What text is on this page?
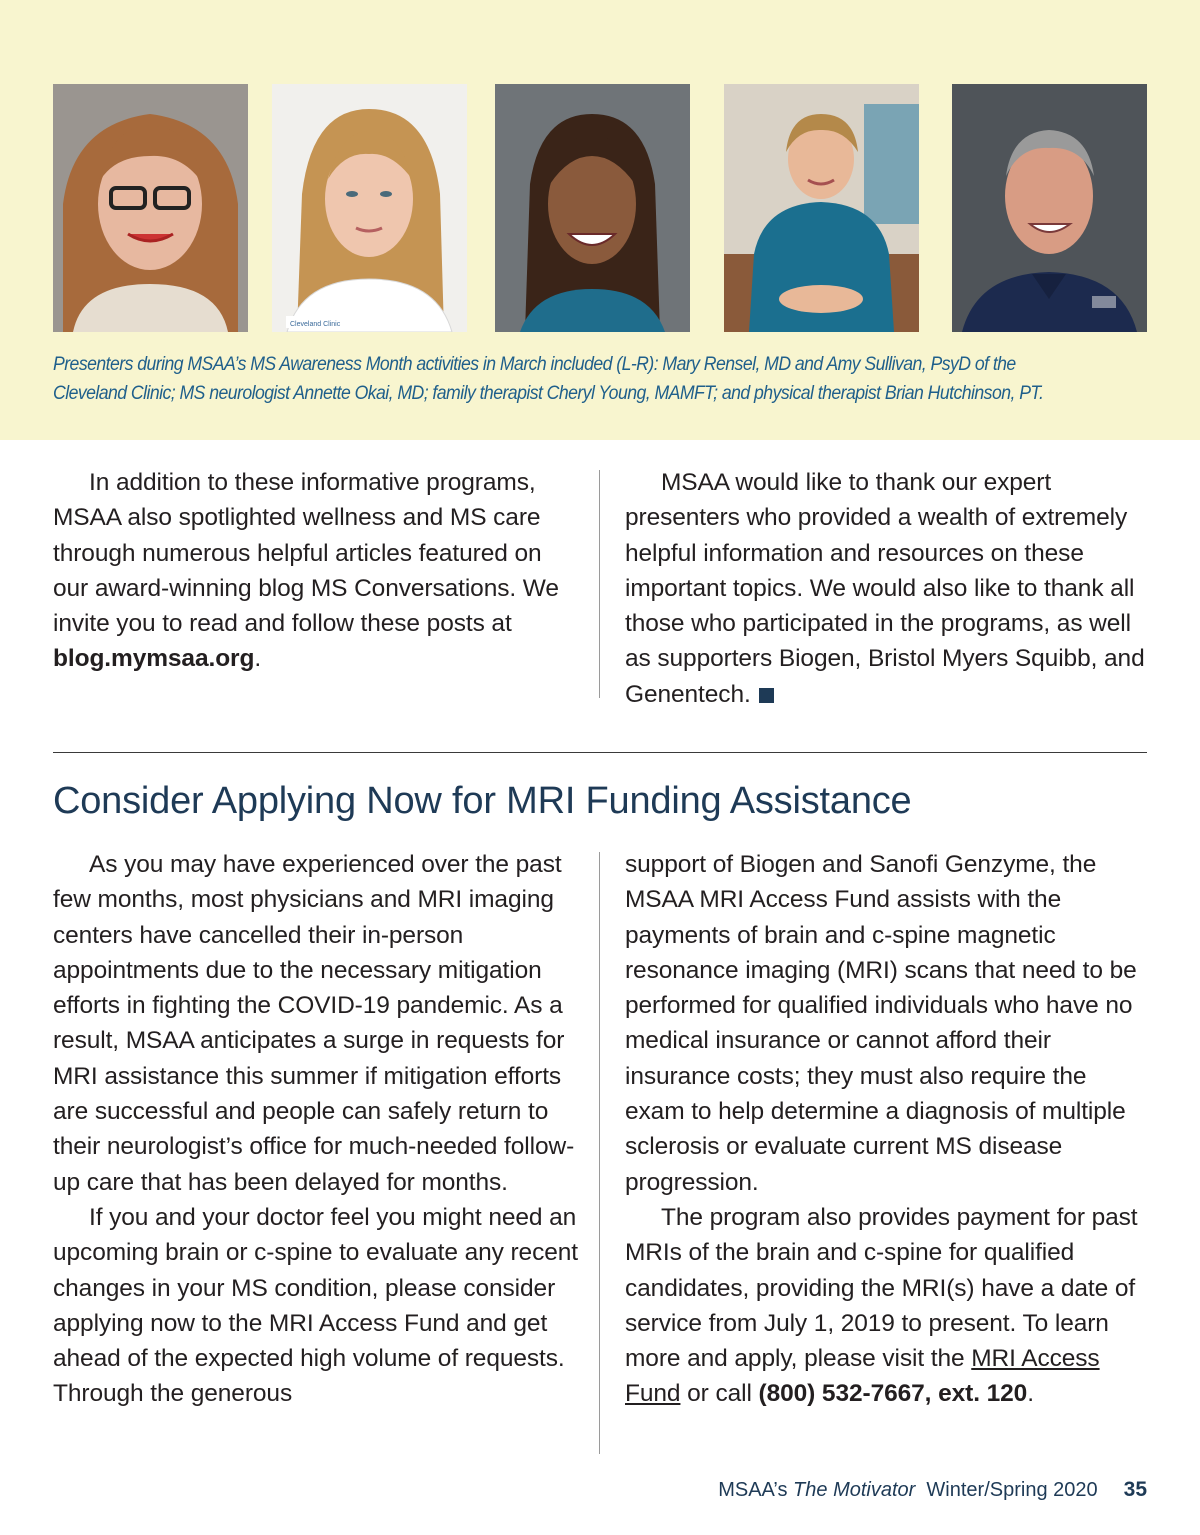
Cleveland Clinic
Presenters during MSAA’s MS Awareness Month activities in March included (L-R): Mary Rensel, MD and Amy Sullivan, PsyD of the Cleveland Clinic; MS neurologist Annette Okai, MD; family therapist Cheryl Young, MAMFT; and physical therapist Brian Hutchinson, PT.

In addition to these informative programs, MSAA also spotlighted wellness and MS care through numerous helpful articles featured on our award-winning blog MS Conversations. We invite you to read and follow these posts at blog.mymsaa.org.

MSAA would like to thank our expert presenters who provided a wealth of extremely helpful information and resources on these important topics. We would also like to thank all those who participated in the programs, as well as supporters Biogen, Bristol Myers Squibb, and Genentech.

Consider Applying Now for MRI Funding Assistance

As you may have experienced over the past few months, most physicians and MRI imaging centers have cancelled their in-person appointments due to the necessary mitigation efforts in fighting the COVID-19 pandemic. As a result, MSAA anticipates a surge in requests for MRI assistance this summer if mitigation efforts are successful and people can safely return to their neurologist’s office for much-needed follow-up care that has been delayed for months.

If you and your doctor feel you might need an upcoming brain or c-spine to evaluate any recent changes in your MS condition, please consider applying now to the MRI Access Fund and get ahead of the expected high volume of requests. Through the generous

support of Biogen and Sanofi Genzyme, the MSAA MRI Access Fund assists with the payments of brain and c-spine magnetic resonance imaging (MRI) scans that need to be performed for qualified individuals who have no medical insurance or cannot afford their insurance costs; they must also require the exam to help determine a diagnosis of multiple sclerosis or evaluate current MS disease progression.

The program also provides payment for past MRIs of the brain and c-spine for qualified candidates, providing the MRI(s) have a date of service from July 1, 2019 to present. To learn more and apply, please visit the MRI Access Fund or call (800) 532-7667, ext. 120.

MSAA’s The Motivator  Winter/Spring 2020 35
